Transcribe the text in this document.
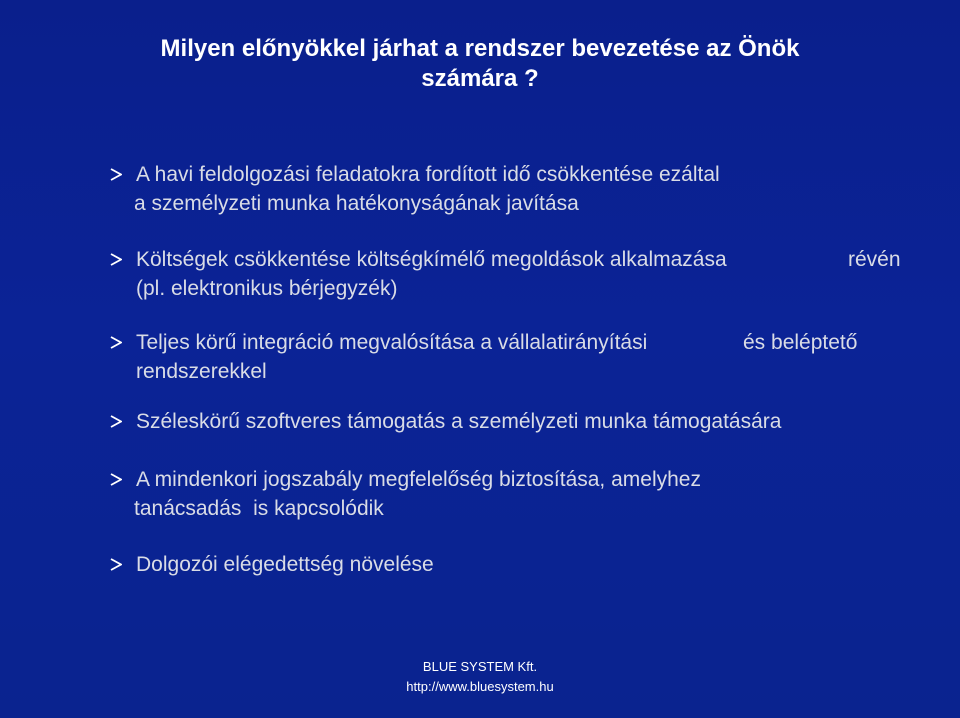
Milyen előnyökkel járhat a rendszer bevezetése az Önök
számára ?
A havi feldolgozási feladatokra fordított idő csökkentése ezáltal
a személyzeti munka hatékonyságának javítása
Költségek csökkentése költségkímélő megoldások alkalmazása	révén
(pl. elektronikus bérjegyzék)
Teljes körű integráció megvalósítása a vállalatirányítási	és beléptető
rendszerekkel
Széleskörű szoftveres támogatás a személyzeti munka támogatására
A mindenkori jogszabály megfelelőség biztosítása, amelyhez
tanácsadás  is kapcsolódik
Dolgozói elégedettség növelése
BLUE SYSTEM Kft.
http://www.bluesystem.hu
